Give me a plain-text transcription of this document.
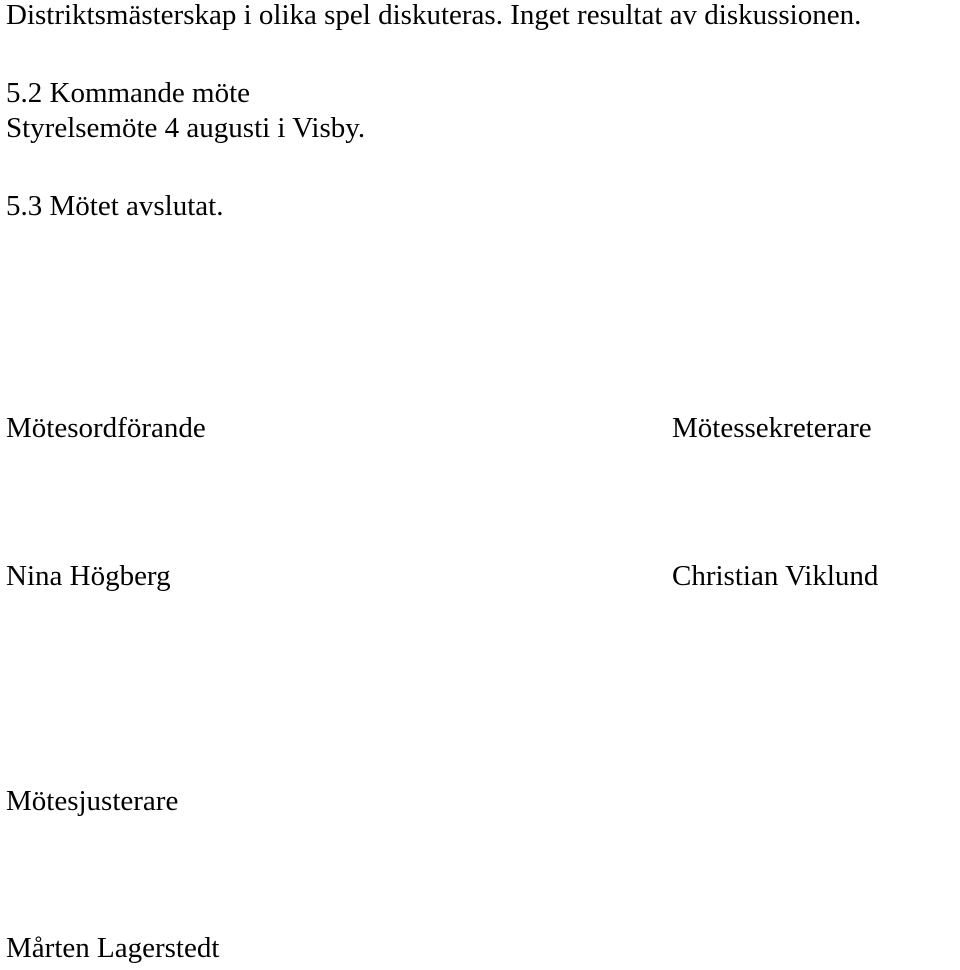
Distriktsmästerskap i olika spel diskuteras. Inget resultat av diskussionen.
5.2 Kommande möte
Styrelsemöte 4 augusti i Visby.
5.3 Mötet avslutat.
Mötesordförande	Mötessekreterare
Nina Högberg	Christian Viklund
Mötesjusterare
Mårten Lagerstedt
